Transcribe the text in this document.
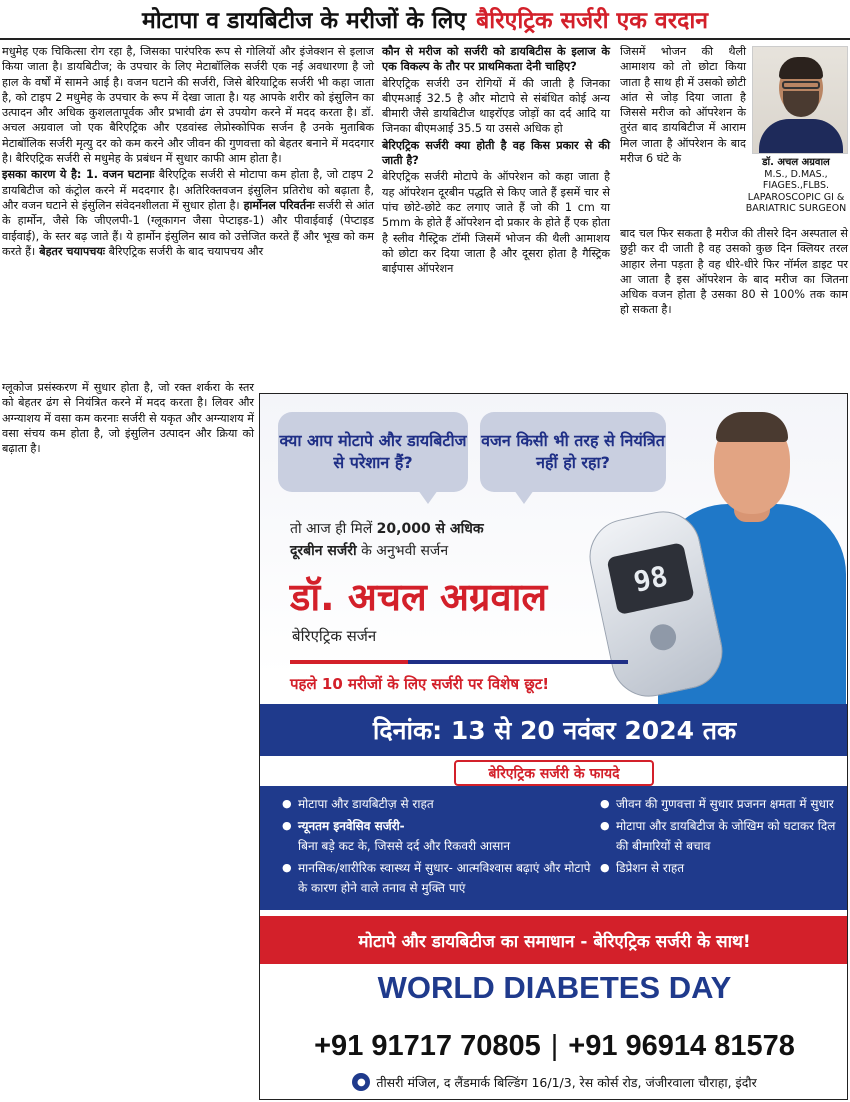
मोटापा व डायबिटीज के मरीजों के लिए बैरिएट्रिक सर्जरी एक वरदान

मधुमेह एक चिकित्सा रोग रहा है, जिसका पारंपरिक रूप से गोलियों और इंजेक्शन से इलाज किया जाता है। डायबिटीज; के उपचार के लिए मेटाबॉलिक सर्जरी एक नई अवधारणा है जो हाल के वर्षों में सामने आई है। वजन घटाने की सर्जरी, जिसे बेरियाट्रिक सर्जरी भी कहा जाता है, को टाइप 2 मधुमेह के उपचार के रूप में देखा जाता है। यह आपके शरीर को इंसुलिन का उत्पादन और अधिक कुशलतापूर्वक और प्रभावी ढंग से उपयोग करने में मदद करता है। डॉ. अचल अग्रवाल जो एक बैरिएट्रिक और एडवांस्ड लेप्रोस्कोपिक सर्जन है उनके मुताबिक मेटाबॉलिक सर्जरी मृत्यु दर को कम करने और जीवन की गुणवत्ता को बेहतर बनाने में मददगार है। बैरिएट्रिक सर्जरी से मधुमेह के प्रबंधन में सुधार काफी आम होता है।

इसका कारण ये है: 1. वजन घटानाः बैरिएट्रिक सर्जरी से मोटापा कम होता है, जो टाइप 2 डायबिटीज को कंट्रोल करने में मददगार है। अतिरिक्तवजन इंसुलिन प्रतिरोध को बढ़ाता है, और वजन घटाने से इंसुलिन संवेदनशीलता में सुधार होता है। हार्मोनल परिवर्तनः सर्जरी से आंत के हार्मोन, जैसे कि जीएलपी-1 (ग्लूकागन जैसा पेप्टाइड-1) और पीवाईवाई (पेप्टाइड वाईवाई), के स्तर बढ़ जाते हैं। ये हार्मोन इंसुलिन स्राव को उत्तेजित करते हैं और भूख को कम करते हैं। बेहतर चयापचयः बैरिएट्रिक सर्जरी के बाद चयापचय और

ग्लूकोज प्रसंस्करण में सुधार होता है, जो रक्त शर्करा के स्तर को बेहतर ढंग से नियंत्रित करने में मदद करता है। लिवर और अग्न्याशय में वसा कम करनाः सर्जरी से यकृत और अग्न्याशय में वसा संचय कम होता है, जो इंसुलिन उत्पादन और क्रिया को बढ़ाता है।

कौन से मरीज को सर्जरी को डायबिटीस के इलाज के एक विकल्प के तौर पर प्राथमिकता देनी चाहिए?

बेरिएट्रिक सर्जरी उन रोगियों में की जाती है जिनका बीएमआई 32.5 है और मोटापे से संबंधित कोई अन्य बीमारी जैसे डायबिटीज थाइरॉएड जोड़ों का दर्द आदि या जिनका बीएमआई 35.5 या उससे अधिक हो

बेरिएट्रिक सर्जरी क्या होती है वह किस प्रकार से की जाती है?

बेरिएट्रिक सर्जरी मोटापे के ऑपरेशन को कहा जाता है यह ऑपरेशन दूरबीन पद्धति से किए जाते हैं इसमें चार से पांच छोटे-छोटे कट लगाए जाते हैं जो की 1 cm या 5mm के होते हैं ऑपरेशन दो प्रकार के होते हैं एक होता है स्लीव गैस्ट्रिक टॉमी जिसमें भोजन की थैली आमाशय को छोटा कर दिया जाता है और दूसरा होता है गैस्ट्रिक बाईपास ऑपरेशन

जिसमें भोजन की थैली आमाशय को तो छोटा किया जाता है साथ ही में उसको छोटी आंत से जोड़ दिया जाता है जिससे मरीज को ऑपरेशन के तुरंत बाद डायबिटीज में आराम मिल जाता है ऑपरेशन के बाद मरीज 6 घंटे के
बाद चल फिर सकता है मरीज की तीसरे दिन अस्पताल से छुट्टी कर दी जाती है वह उसको कुछ दिन क्लियर तरल आहार लेना पड़ता है वह धीरे-धीरे फिर नॉर्मल डाइट पर आ जाता है इस ऑपरेशन के बाद मरीज का जितना अधिक वजन होता है उसका 80 से 100% तक काम हो सकता है।
डॉ. अचल अग्रवाल
M.S., D.MAS.,
FIAGES.,FLBS.
LAPAROSCOPIC GI &
BARIATRIC SURGEON
क्या आप मोटापे और डायबिटीज से परेशान हैं?
वजन किसी भी तरह से नियंत्रित नहीं हो रहा?
98
तो आज ही मिलें 20,000 से अधिक
दूरबीन सर्जरी के अनुभवी सर्जन
डॉ. अचल अग्रवाल
बेरिएट्रिक सर्जन
पहले 10 मरीजों के लिए सर्जरी पर विशेष छूट!
दिनांक: 13 से 20 नवंबर 2024 तक
● मोटापा और डायबिटीज़ से राहत
● न्यूनतम इनवेसिव सर्जरी-
बिना बड़े कट के, जिससे दर्द और रिकवरी आसान
● मानसिक/शारीरिक स्वास्थ्य में सुधार- आत्मविश्वास बढ़ाएं और मोटापे के कारण होने वाले तनाव से मुक्ति पाएं
● जीवन की गुणवत्ता में सुधार प्रजनन क्षमता में सुधार
● मोटापा और डायबिटीज के जोखिम को घटाकर दिल की बीमारियों से बचाव
● डिप्रेशन से राहत
बेरिएट्रिक सर्जरी के फायदे
मोटापे और डायबिटीज का समाधान - बेरिएट्रिक सर्जरी के साथ!
WORLD DIABETES DAY
+91 91717 70805 | +91 96914 81578
● तीसरी मंजिल, द लैंडमार्क बिल्डिंग 16/1/3, रेस कोर्स रोड, जंजीरवाला चौराहा, इंदौर
